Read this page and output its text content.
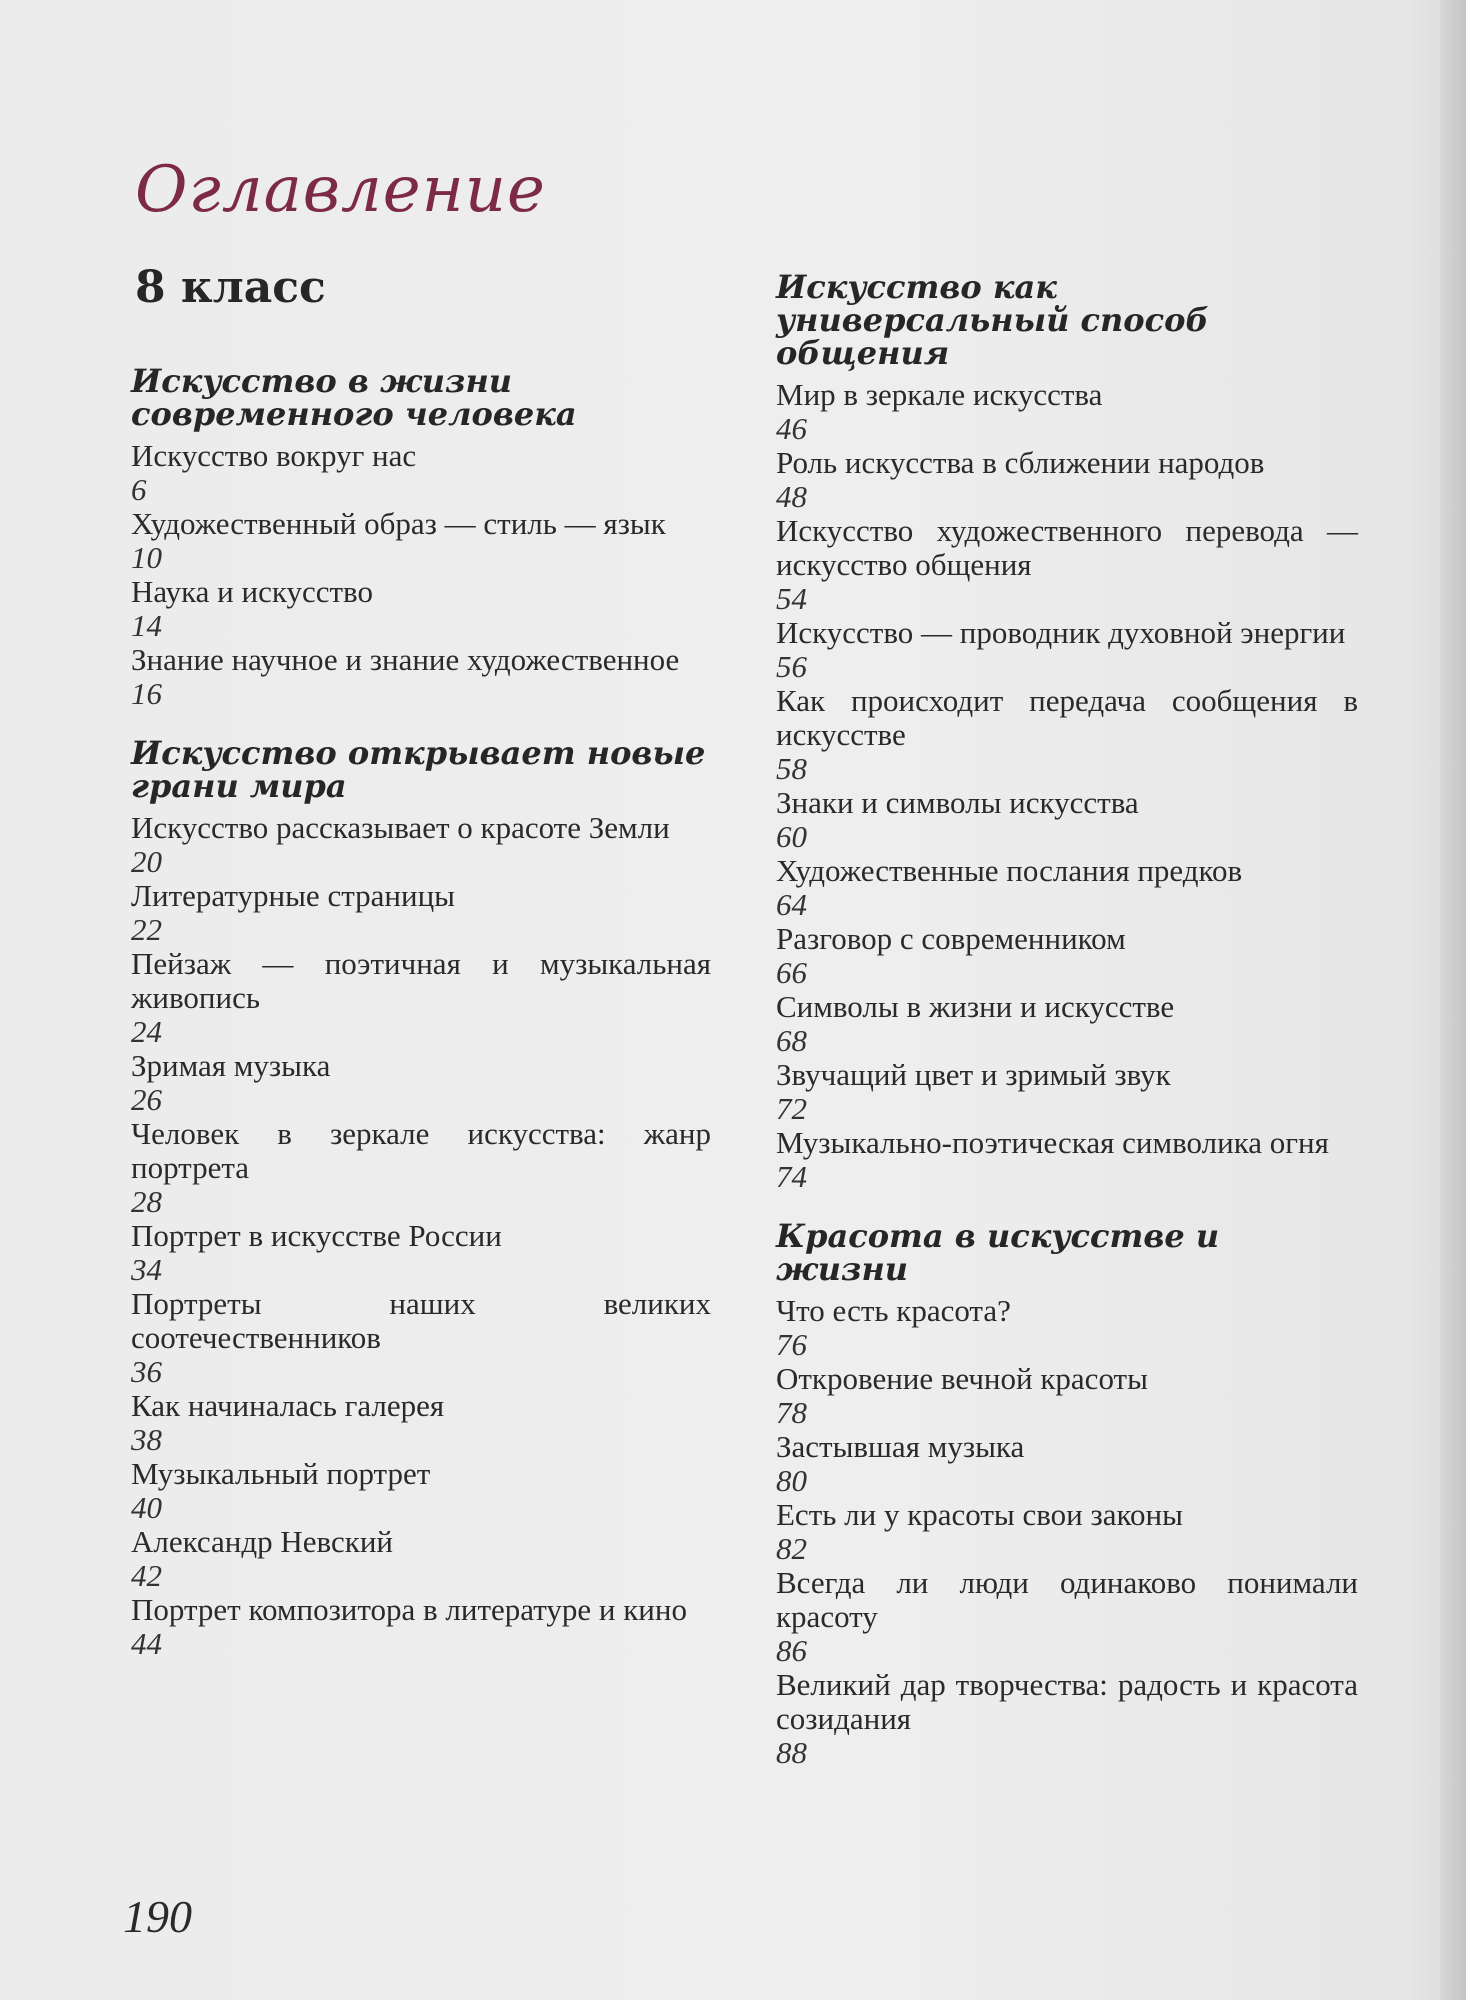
Оглавление
8 класс
Искусство в жизни современного человека
Искусство вокруг нас
6
Художественный образ — стиль — язык
10
Наука и искусство
14
Знание научное и знание художественное
16
Искусство открывает новые грани мира
Искусство рассказывает о красоте Земли
20
Литературные страницы
22
Пейзаж — поэтичная и музыкальная живопись
24
Зримая музыка
26
Человек в зеркале искусства: жанр портрета
28
Портрет в искусстве России
34
Портреты наших великих соотечественников
36
Как начиналась галерея
38
Музыкальный портрет
40
Александр Невский
42
Портрет композитора в литературе и кино
44
Искусство как универсальный способ общения
Мир в зеркале искусства
46
Роль искусства в сближении народов
48
Искусство художественного перевода — искусство общения
54
Искусство — проводник духовной энергии
56
Как происходит передача сообщения в искусстве
58
Знаки и символы искусства
60
Художественные послания предков
64
Разговор с современником
66
Символы в жизни и искусстве
68
Звучащий цвет и зримый звук
72
Музыкально-поэтическая символика огня
74
Красота в искусстве и жизни
Что есть красота?
76
Откровение вечной красоты
78
Застывшая музыка
80
Есть ли у красоты свои законы
82
Всегда ли люди одинаково понимали красоту
86
Великий дар творчества: радость и красота созидания
88
190
